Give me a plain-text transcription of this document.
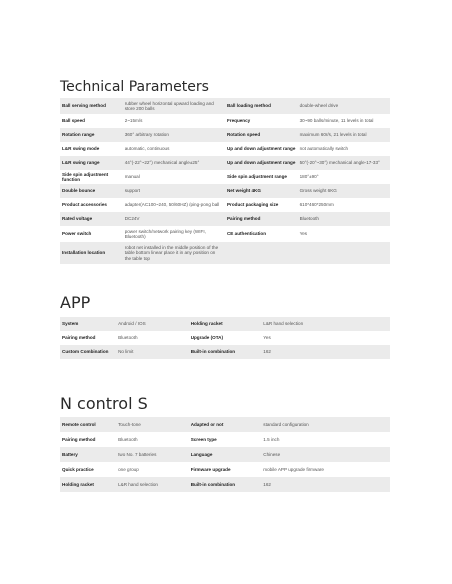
Technical Parameters
Ball serving method	rubber wheel horizontal upward loading and store 200 balls	Ball loading method	double-wheel drive
Ball speed	2~15m/s	Frequency	30~90 balls/minute, 11 levels in total
Rotation range	360° arbitrary rotation	Rotation speed	maximum 60r/s, 21 levels in total
L&R swing mode	automatic, continuous	Up and down adjustment range	not automatically switch
L&R swing range	44°(-22°~22°) mechanical angle±25°	Up and down adjustment range	50°(-20°~30°) mechanical angle-17-33°
Side spin adjustment function	manual	Side spin adjustment range	180°±90°
Double bounce	support	Net weight 4KG	Gross weight 6KG
Product accessories	adapter(AC100~240, 50/60HZ) /ping-pong ball	Product packaging size	610*460*250mm
Rated voltage	DC24V	Pairing method	Bluetooth
Power switch	power switch/network pairing key (WIFI, Bluetooth)	CE authentication	Yes
Installation location	robot net installed in the middle position of the table bottom linear place it in any position on the table top		
APP
System	Android / IOS	Holding racket	L&R hand selection
Pairing method	Bluetooth	Upgrade (OTA)	Yes
Custom Combination	No limit	Built-in combination	162
N control S
Remote control	Touch-tone	Adapted or not	standard configuration
Pairing method	Bluetooth	Screen type	1.5 inch
Battery	two No. 7 batteries	Language	Chinese
Quick practice	one group	Firmware upgrade	mobile APP upgrade firmware
Holding racket	L&R hand selection	Built-in combination	162
